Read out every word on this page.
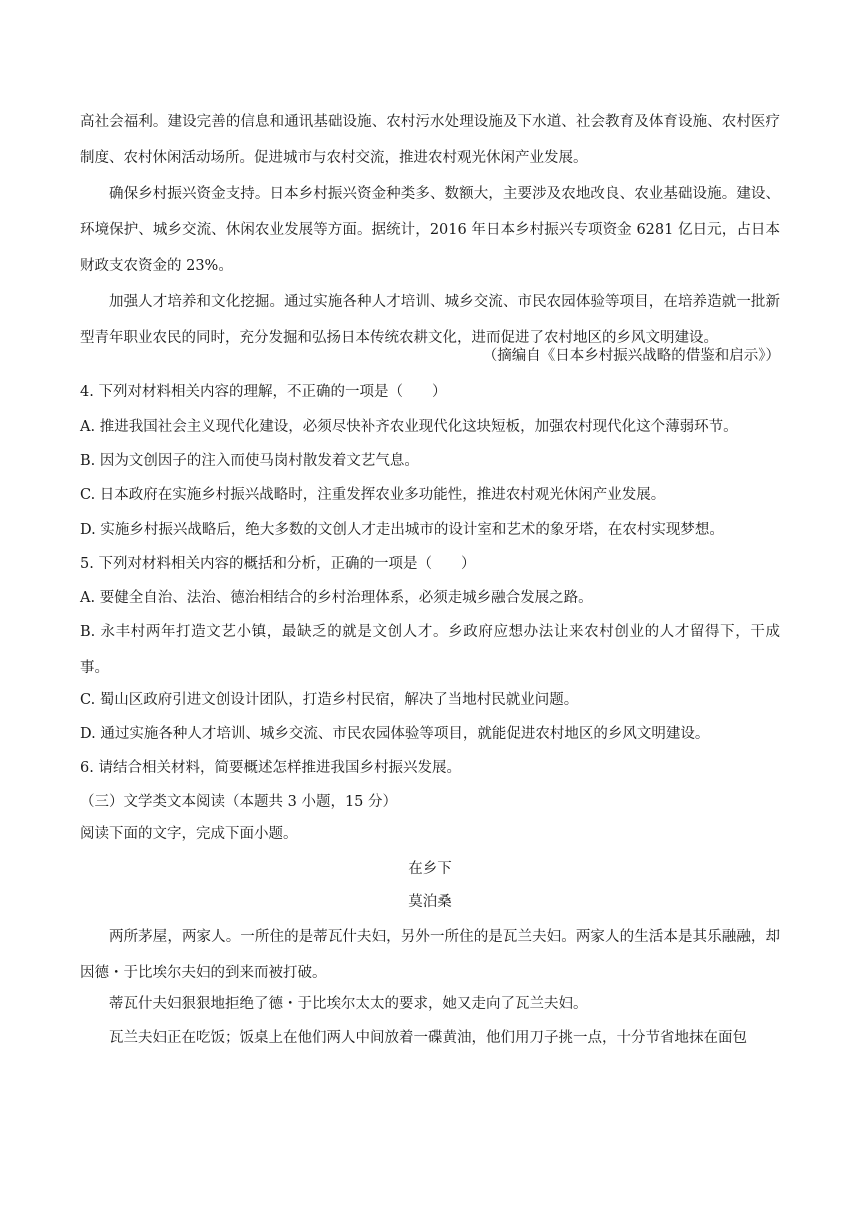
高社会福利。建设完善的信息和通讯基础设施、农村污水处理设施及下水道、社会教育及体育设施、农村医疗制度、农村休闲活动场所。促进城市与农村交流，推进农村观光休闲产业发展。

确保乡村振兴资金支持。日本乡村振兴资金种类多、数额大，主要涉及农地改良、农业基础设施。建设、环境保护、城乡交流、休闲农业发展等方面。据统计，2016 年日本乡村振兴专项资金 6281 亿日元，占日本财政支农资金的 23%。

加强人才培养和文化挖掘。通过实施各种人才培训、城乡交流、市民农园体验等项目，在培养造就一批新型青年职业农民的同时，充分发掘和弘扬日本传统农耕文化，进而促进了农村地区的乡风文明建设。

（摘编自《日本乡村振兴战略的借鉴和启示》）

4. 下列对材料相关内容的理解，不正确的一项是（　　）

A. 推进我国社会主义现代化建设，必须尽快补齐农业现代化这块短板，加强农村现代化这个薄弱环节。

B. 因为文创因子的注入而使马岗村散发着文艺气息。

C. 日本政府在实施乡村振兴战略时，注重发挥农业多功能性，推进农村观光休闲产业发展。

D. 实施乡村振兴战略后，绝大多数的文创人才走出城市的设计室和艺术的象牙塔，在农村实现梦想。

5. 下列对材料相关内容的概括和分析，正确的一项是（　　）

A. 要健全自治、法治、德治相结合的乡村治理体系，必须走城乡融合发展之路。

B. 永丰村两年打造文艺小镇，最缺乏的就是文创人才。乡政府应想办法让来农村创业的人才留得下，干成事。

C. 蜀山区政府引进文创设计团队，打造乡村民宿，解决了当地村民就业问题。

D. 通过实施各种人才培训、城乡交流、市民农园体验等项目，就能促进农村地区的乡风文明建设。

6. 请结合相关材料，简要概述怎样推进我国乡村振兴发展。

（三）文学类文本阅读（本题共 3 小题，15 分）

阅读下面的文字，完成下面小题。

在乡下

莫泊桑

两所茅屋，两家人。一所住的是蒂瓦什夫妇，另外一所住的是瓦兰夫妇。两家人的生活本是其乐融融，却因德・于比埃尔夫妇的到来而被打破。

蒂瓦什夫妇狠狠地拒绝了德・于比埃尔太太的要求，她又走向了瓦兰夫妇。

瓦兰夫妇正在吃饭；饭桌上在他们两人中间放着一碟黄油，他们用刀子挑一点，十分节省地抹在面包
